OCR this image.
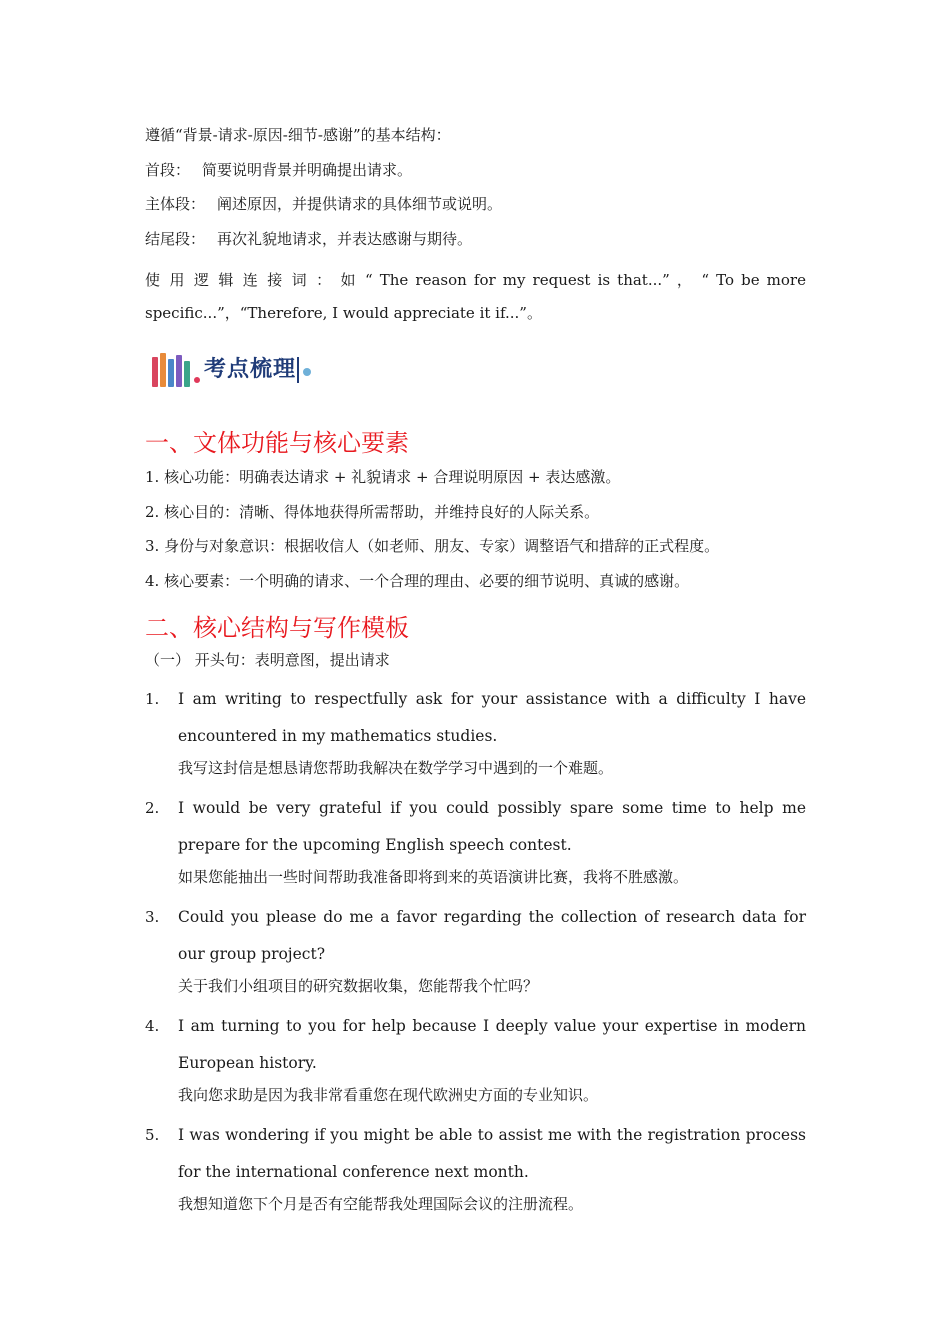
遵循“背景-请求-原因-细节-感谢”的基本结构：

首段： 简要说明背景并明确提出请求。

主体段： 阐述原因，并提供请求的具体细节或说明。

结尾段： 再次礼貌地请求，并表达感谢与期待。

使 用 逻 辑 连 接 词 ： 如 “ The reason for my request is that...” ， “ To be more

specific...”，“Therefore, I would appreciate it if...”。

考点梳理
一、文体功能与核心要素

1. 核心功能：明确表达请求 + 礼貌请求 + 合理说明原因 + 表达感激。

2. 核心目的：清晰、得体地获得所需帮助，并维持良好的人际关系。

3. 身份与对象意识：根据收信人（如老师、朋友、专家）调整语气和措辞的正式程度。

4. 核心要素：一个明确的请求、一个合理的理由、必要的细节说明、真诚的感谢。

二、核心结构与写作模板

（一） 开头句：表明意图，提出请求

1. I am writing to respectfully ask for your assistance with a difficulty I have encountered in my mathematics studies.

我写这封信是想恳请您帮助我解决在数学学习中遇到的一个难题。

2. I would be very grateful if you could possibly spare some time to help me prepare for the upcoming English speech contest.

如果您能抽出一些时间帮助我准备即将到来的英语演讲比赛，我将不胜感激。

3. Could you please do me a favor regarding the collection of research data for our group project?

关于我们小组项目的研究数据收集，您能帮我个忙吗？

4. I am turning to you for help because I deeply value your expertise in modern European history.

我向您求助是因为我非常看重您在现代欧洲史方面的专业知识。

5. I was wondering if you might be able to assist me with the registration process for the international conference next month.

我想知道您下个月是否有空能帮我处理国际会议的注册流程。
